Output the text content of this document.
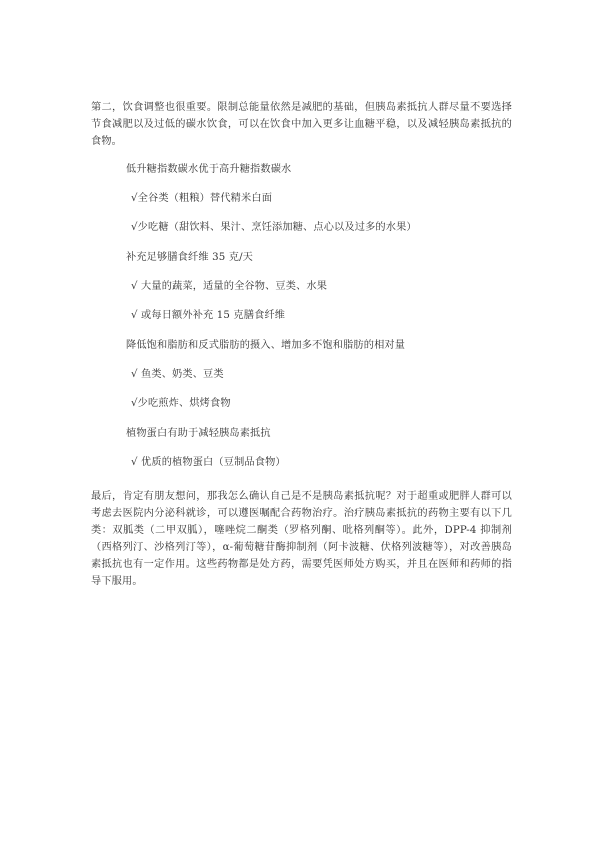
第二，饮食调整也很重要。限制总能量依然是减肥的基础，但胰岛素抵抗人群尽量不要选择节食减肥以及过低的碳水饮食，可以在饮食中加入更多让血糖平稳，以及减轻胰岛素抵抗的食物。

低升糖指数碳水优于高升糖指数碳水
√全谷类（粗粮）替代精米白面
√少吃糖（甜饮料、果汁、烹饪添加糖、点心以及过多的水果）
补充足够膳食纤维 35 克/天
√ 大量的蔬菜，适量的全谷物、豆类、水果
√ 或每日额外补充 15 克膳食纤维
降低饱和脂肪和反式脂肪的摄入、增加多不饱和脂肪的相对量
√ 鱼类、奶类、豆类
√少吃煎炸、烘烤食物
植物蛋白有助于减轻胰岛素抵抗
√ 优质的植物蛋白（豆制品食物）

最后，肯定有朋友想问，那我怎么确认自己是不是胰岛素抵抗呢？对于超重或肥胖人群可以考虑去医院内分泌科就诊，可以遵医嘱配合药物治疗。治疗胰岛素抵抗的药物主要有以下几类：双胍类（二甲双胍），噻唑烷二酮类（罗格列酮、吡格列酮等）。此外，DPP-4 抑制剂（西格列汀、沙格列汀等），α-葡萄糖苷酶抑制剂（阿卡波糖、伏格列波糖等），对改善胰岛素抵抗也有一定作用。这些药物都是处方药，需要凭医师处方购买，并且在医师和药师的指导下服用。
